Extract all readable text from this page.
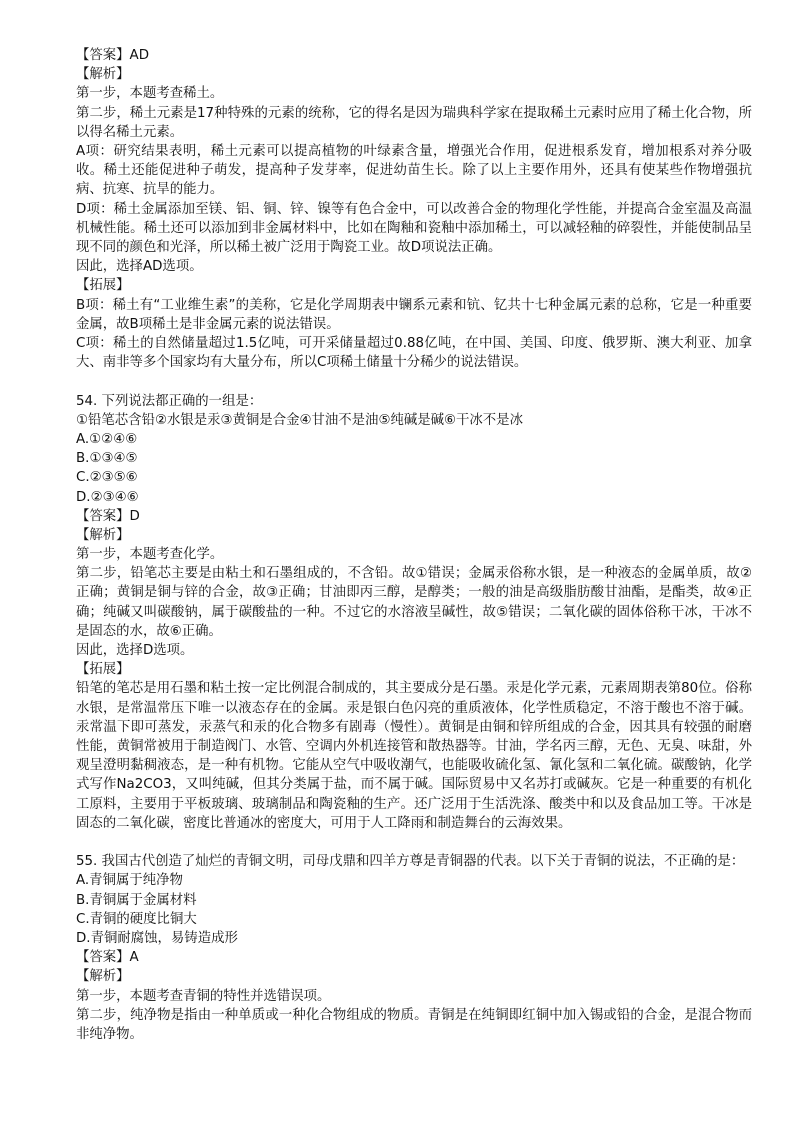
【答案】AD
【解析】
第一步，本题考查稀土。
第二步，稀土元素是17种特殊的元素的统称，它的得名是因为瑞典科学家在提取稀土元素时应用了稀土化合物，所以得名稀土元素。
A项：研究结果表明，稀土元素可以提高植物的叶绿素含量，增强光合作用，促进根系发育，增加根系对养分吸收。稀土还能促进种子萌发，提高种子发芽率，促进幼苗生长。除了以上主要作用外，还具有使某些作物增强抗病、抗寒、抗旱的能力。
D项：稀土金属添加至镁、铝、铜、锌、镍等有色合金中，可以改善合金的物理化学性能，并提高合金室温及高温机械性能。稀土还可以添加到非金属材料中，比如在陶釉和瓷釉中添加稀土，可以减轻釉的碎裂性，并能使制品呈现不同的颜色和光泽，所以稀土被广泛用于陶瓷工业。故D项说法正确。
因此，选择AD选项。
【拓展】
B项：稀土有“工业维生素”的美称，它是化学周期表中镧系元素和钪、钇共十七种金属元素的总称，它是一种重要金属，故B项稀土是非金属元素的说法错误。
C项：稀土的自然储量超过1.5亿吨，可开采储量超过0.88亿吨，在中国、美国、印度、俄罗斯、澳大利亚、加拿大、南非等多个国家均有大量分布，所以C项稀土储量十分稀少的说法错误。
54. 下列说法都正确的一组是：
①铅笔芯含铅②水银是汞③黄铜是合金④甘油不是油⑤纯碱是碱⑥干冰不是冰
A.①②④⑥
B.①③④⑤
C.②③⑤⑥
D.②③④⑥
【答案】D
【解析】
第一步，本题考查化学。
第二步，铅笔芯主要是由粘土和石墨组成的，不含铅。故①错误；金属汞俗称水银，是一种液态的金属单质，故②正确；黄铜是铜与锌的合金，故③正确；甘油即丙三醇，是醇类；一般的油是高级脂肪酸甘油酯，是酯类，故④正确；纯碱又叫碳酸钠，属于碳酸盐的一种。不过它的水溶液呈碱性，故⑤错误；二氧化碳的固体俗称干冰，干冰不是固态的水，故⑥正确。
因此，选择D选项。
【拓展】
铅笔的笔芯是用石墨和粘土按一定比例混合制成的，其主要成分是石墨。汞是化学元素，元素周期表第80位。俗称水银，是常温常压下唯一以液态存在的金属。汞是银白色闪亮的重质液体，化学性质稳定，不溶于酸也不溶于碱。汞常温下即可蒸发，汞蒸气和汞的化合物多有剧毒（慢性）。黄铜是由铜和锌所组成的合金，因其具有较强的耐磨性能，黄铜常被用于制造阀门、水管、空调内外机连接管和散热器等。甘油，学名丙三醇，无色、无臭、味甜，外观呈澄明黏稠液态，是一种有机物。它能从空气中吸收潮气，也能吸收硫化氢、氰化氢和二氧化硫。碳酸钠，化学式写作Na2CO3，又叫纯碱，但其分类属于盐，而不属于碱。国际贸易中又名苏打或碱灰。它是一种重要的有机化工原料，主要用于平板玻璃、玻璃制品和陶瓷釉的生产。还广泛用于生活洗涤、酸类中和以及食品加工等。干冰是固态的二氧化碳，密度比普通冰的密度大，可用于人工降雨和制造舞台的云海效果。
55. 我国古代创造了灿烂的青铜文明，司母戊鼎和四羊方尊是青铜器的代表。以下关于青铜的说法，不正确的是：
A.青铜属于纯净物
B.青铜属于金属材料
C.青铜的硬度比铜大
D.青铜耐腐蚀，易铸造成形
【答案】A
【解析】
第一步，本题考查青铜的特性并选错误项。
第二步，纯净物是指由一种单质或一种化合物组成的物质。青铜是在纯铜即红铜中加入锡或铅的合金，是混合物而非纯净物。
